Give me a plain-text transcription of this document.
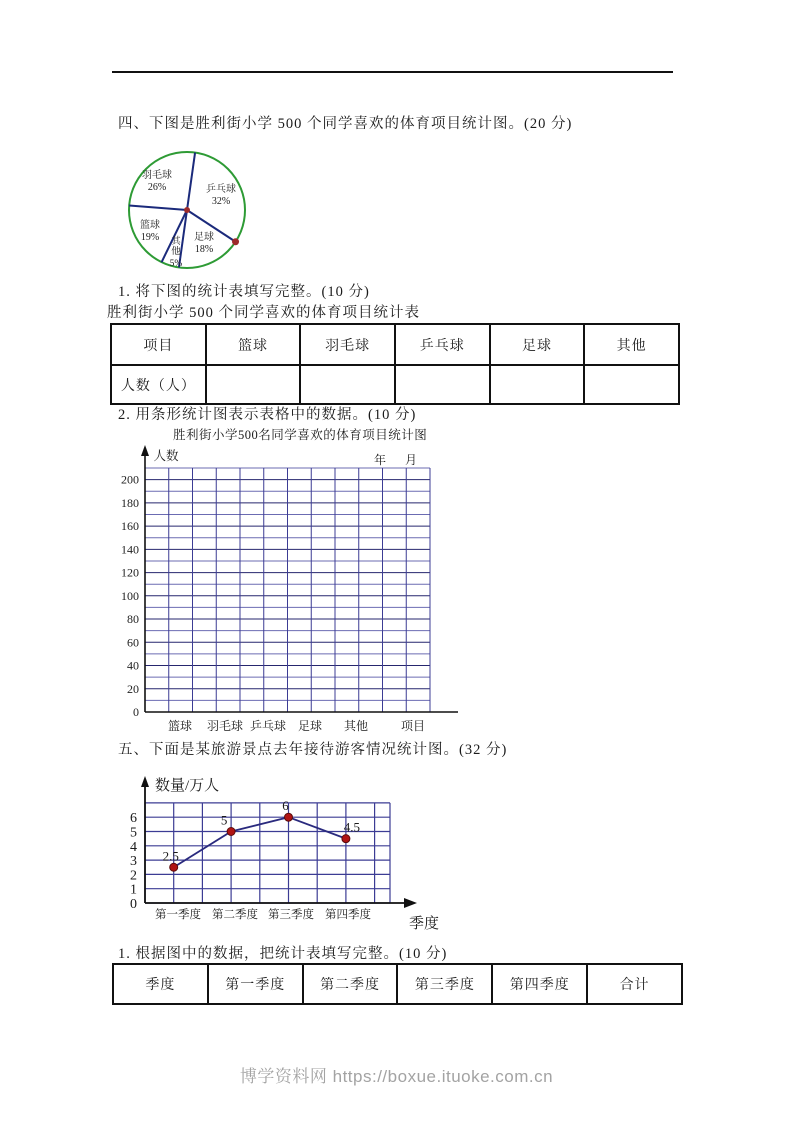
四、下图是胜利街小学 500 个同学喜欢的体育项目统计图。(20 分)
乒乓球
32%
足球
18%
其
他
5%
篮球
19%
羽毛球
26%
1. 将下图的统计表填写完整。(10 分)
胜利街小学 500 个同学喜欢的体育项目统计表
项目	篮球	羽毛球	乒乓球	足球	其他
人数（人）					
2. 用条形统计图表示表格中的数据。(10 分)
胜利街小学500名同学喜欢的体育项目统计图
0
20
40
60
80
100
120
140
160
180
200
人数	年 月
篮球 羽毛球 乒乓球 足球 其他	项目
五、下面是某旅游景点去年接待游客情况统计图。(32 分)
0
1
2
3
4
5
6
2.5
5
6
4.5
第一季度 第二季度 第三季度 第四季度
季度
数量/万人
1. 根据图中的数据，把统计表填写完整。(10 分)
季度	第一季度	第二季度	第三季度	第四季度	合计
博学资料网 https://boxue.ituoke.com.cn
